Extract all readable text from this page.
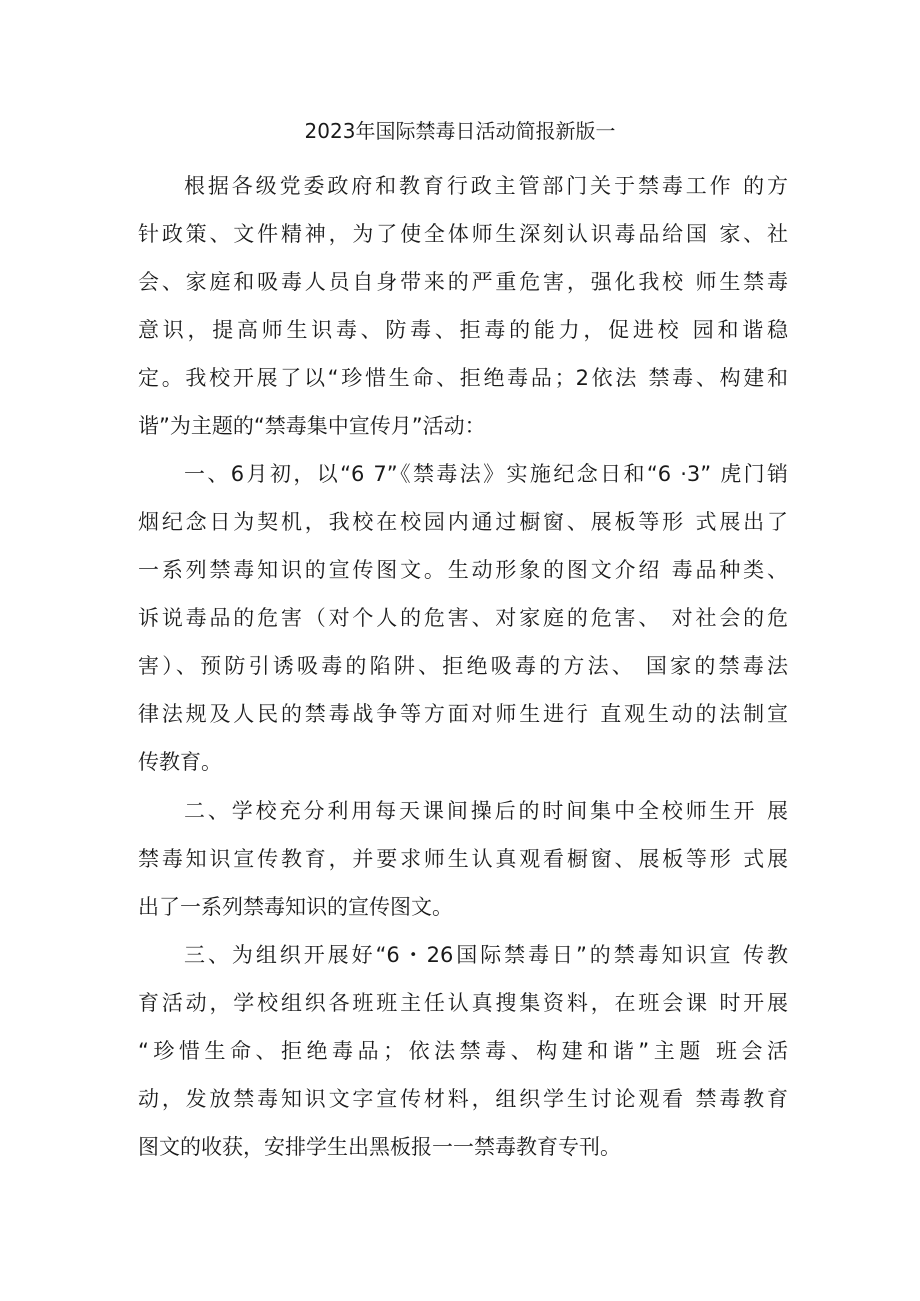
2023年国际禁毒日活动简报新版一
根据各级党委政府和教育行政主管部门关于禁毒工作 的方
针政策、文件精神，为了使全体师生深刻认识毒品给国 家、社
会、家庭和吸毒人员自身带来的严重危害，强化我校 师生禁毒
意识，提高师生识毒、防毒、拒毒的能力，促进校 园和谐稳
定。我校开展了以“珍惜生命、拒绝毒品；2依法 禁毒、构建和
谐”为主题的“禁毒集中宣传月”活动：
一、6月初，以“6 7”《禁毒法》实施纪念日和“6 ·3” 虎门销
烟纪念日为契机，我校在校园内通过橱窗、展板等形 式展出了
一系列禁毒知识的宣传图文。生动形象的图文介绍 毒品种类、
诉说毒品的危害（对个人的危害、对家庭的危害、 对社会的危
害）、预防引诱吸毒的陷阱、拒绝吸毒的方法、 国家的禁毒法
律法规及人民的禁毒战争等方面对师生进行 直观生动的法制宣
传教育。
二、学校充分利用每天课间操后的时间集中全校师生开 展
禁毒知识宣传教育，并要求师生认真观看橱窗、展板等形 式展
出了一系列禁毒知识的宣传图文。
三、为组织开展好“6・26国际禁毒日”的禁毒知识宣 传教
育活动，学校组织各班班主任认真搜集资料，在班会课 时开展
“珍惜生命、拒绝毒品；依法禁毒、构建和谐”主题 班会活
动，发放禁毒知识文字宣传材料，组织学生讨论观看 禁毒教育
图文的收获，安排学生出黑板报一一禁毒教育专刊。
